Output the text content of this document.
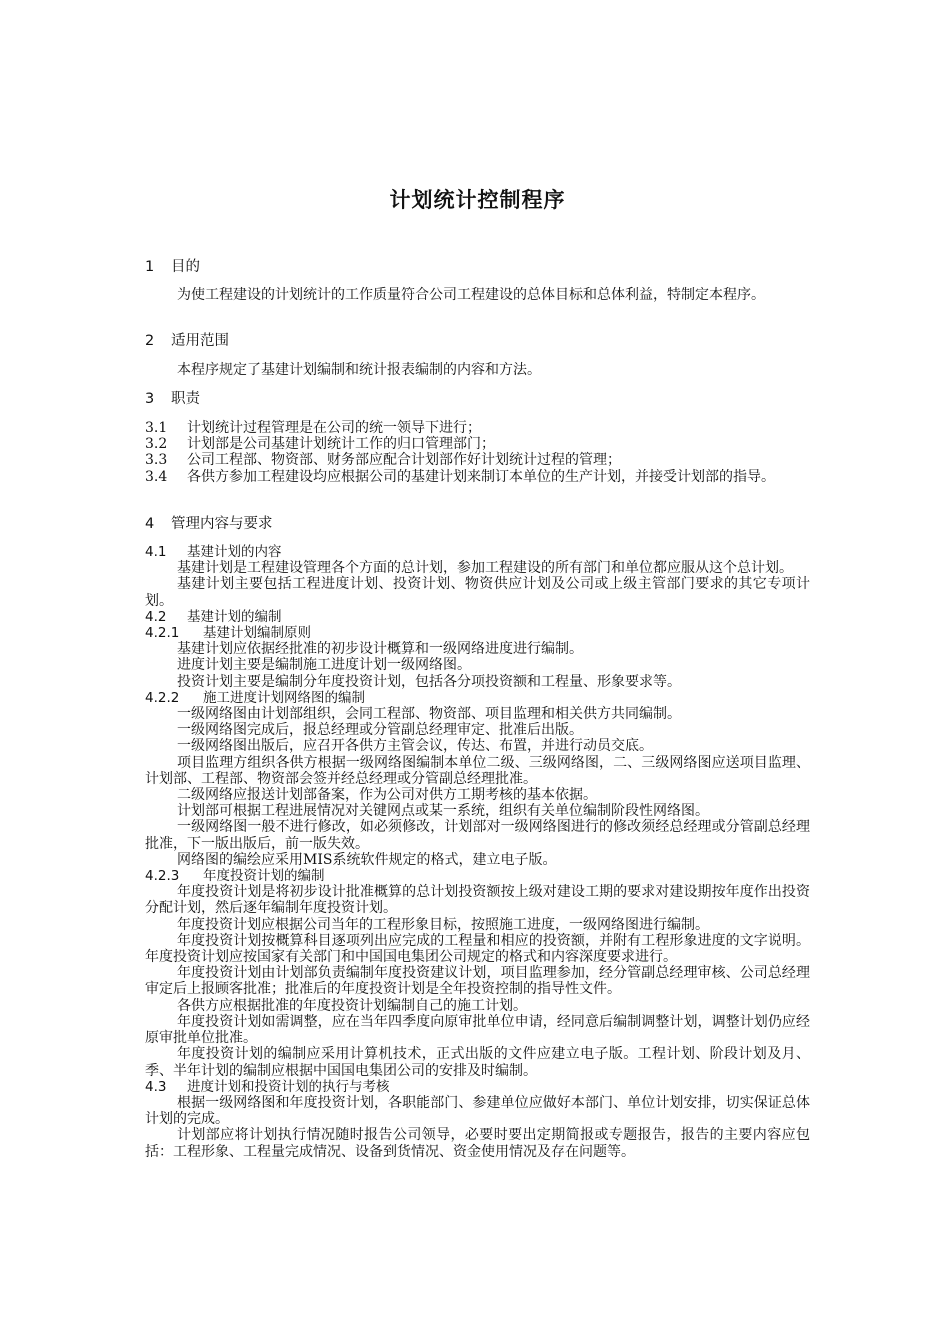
计划统计控制程序
1 目的
为使工程建设的计划统计的工作质量符合公司工程建设的总体目标和总体利益，特制定本程序。
2 适用范围
本程序规定了基建计划编制和统计报表编制的内容和方法。
3 职责
3.1 计划统计过程管理是在公司的统一领导下进行；
3.2 计划部是公司基建计划统计工作的归口管理部门；
3.3 公司工程部、物资部、财务部应配合计划部作好计划统计过程的管理；
3.4 各供方参加工程建设均应根据公司的基建计划来制订本单位的生产计划，并接受计划部的指导。
4 管理内容与要求
4.1 基建计划的内容
基建计划是工程建设管理各个方面的总计划，参加工程建设的所有部门和单位都应服从这个总计划。
基建计划主要包括工程进度计划、投资计划、物资供应计划及公司或上级主管部门要求的其它专项计划。
4.2 基建计划的编制
4.2.1 基建计划编制原则
基建计划应依据经批准的初步设计概算和一级网络进度进行编制。
进度计划主要是编制施工进度计划一级网络图。
投资计划主要是编制分年度投资计划，包括各分项投资额和工程量、形象要求等。
4.2.2 施工进度计划网络图的编制
一级网络图由计划部组织，会同工程部、物资部、项目监理和相关供方共同编制。
一级网络图完成后，报总经理或分管副总经理审定、批准后出版。
一级网络图出版后，应召开各供方主管会议，传达、布置，并进行动员交底。
项目监理方组织各供方根据一级网络图编制本单位二级、三级网络图，二、三级网络图应送项目监理、计划部、工程部、物资部会签并经总经理或分管副总经理批准。
二级网络应报送计划部备案，作为公司对供方工期考核的基本依据。
计划部可根据工程进展情况对关键网点或某一系统，组织有关单位编制阶段性网络图。
一级网络图一般不进行修改，如必须修改，计划部对一级网络图进行的修改须经总经理或分管副总经理批准，下一版出版后，前一版失效。
网络图的编绘应采用MIS系统软件规定的格式，建立电子版。
4.2.3 年度投资计划的编制
年度投资计划是将初步设计批准概算的总计划投资额按上级对建设工期的要求对建设期按年度作出投资分配计划，然后逐年编制年度投资计划。
年度投资计划应根据公司当年的工程形象目标，按照施工进度，一级网络图进行编制。
年度投资计划按概算科目逐项列出应完成的工程量和相应的投资额，并附有工程形象进度的文字说明。年度投资计划应按国家有关部门和中国国电集团公司规定的格式和内容深度要求进行。
年度投资计划由计划部负责编制年度投资建议计划，项目监理参加，经分管副总经理审核、公司总经理审定后上报顾客批准；批准后的年度投资计划是全年投资控制的指导性文件。
各供方应根据批准的年度投资计划编制自己的施工计划。
年度投资计划如需调整，应在当年四季度向原审批单位申请，经同意后编制调整计划，调整计划仍应经原审批单位批准。
年度投资计划的编制应采用计算机技术，正式出版的文件应建立电子版。工程计划、阶段计划及月、季、半年计划的编制应根据中国国电集团公司的安排及时编制。
4.3 进度计划和投资计划的执行与考核
根据一级网络图和年度投资计划，各职能部门、参建单位应做好本部门、单位计划安排，切实保证总体计划的完成。
计划部应将计划执行情况随时报告公司领导，必要时要出定期简报或专题报告，报告的主要内容应包括：工程形象、工程量完成情况、设备到货情况、资金使用情况及存在问题等。
